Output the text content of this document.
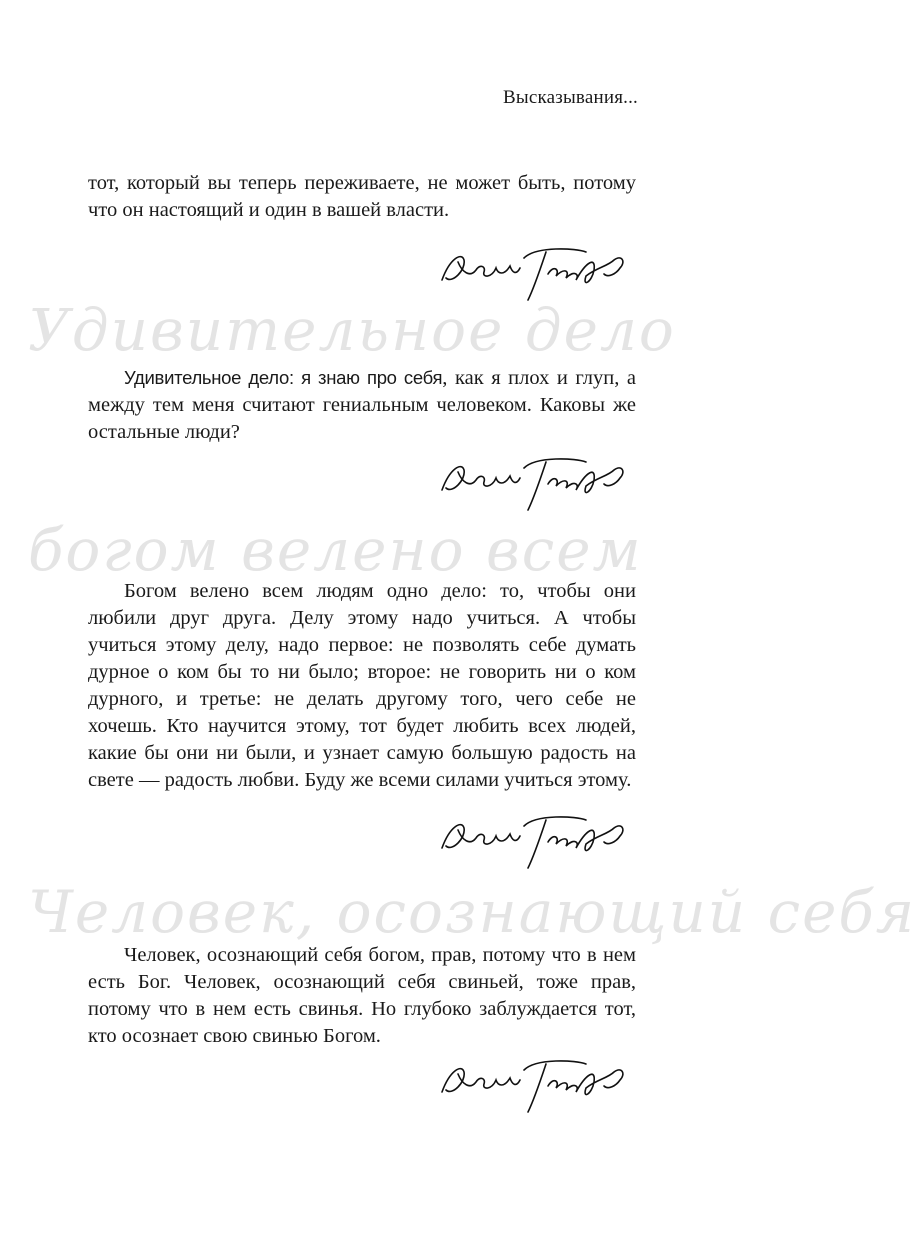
Высказывания...

тот, который вы теперь переживаете, не может быть, потому что он настоящий и один в вашей власти.

Удивительное дело

Удивительное дело: я знаю про себя, как я плох и глуп, а между тем меня считают гениальным человеком. Каковы же остальные люди?

богом велено всем

Богом велено всем людям одно дело: то, чтобы они любили друг друга. Делу этому надо учиться. А чтобы учиться этому делу, надо первое: не позволять себе думать дурное о ком бы то ни было; второе: не говорить ни о ком дурного, и третье: не делать другому того, чего себе не хочешь. Кто научится этому, тот будет любить всех людей, какие бы они ни были, и узнает самую большую радость на свете — радость любви. Буду же всеми силами учиться этому.

Человек, осознающий себя

Человек, осознающий себя богом, прав, потому что в нем есть Бог. Человек, осознающий себя свиньей, тоже прав, потому что в нем есть свинья. Но глубоко заблуждается тот, кто осознает свою свинью Богом.
